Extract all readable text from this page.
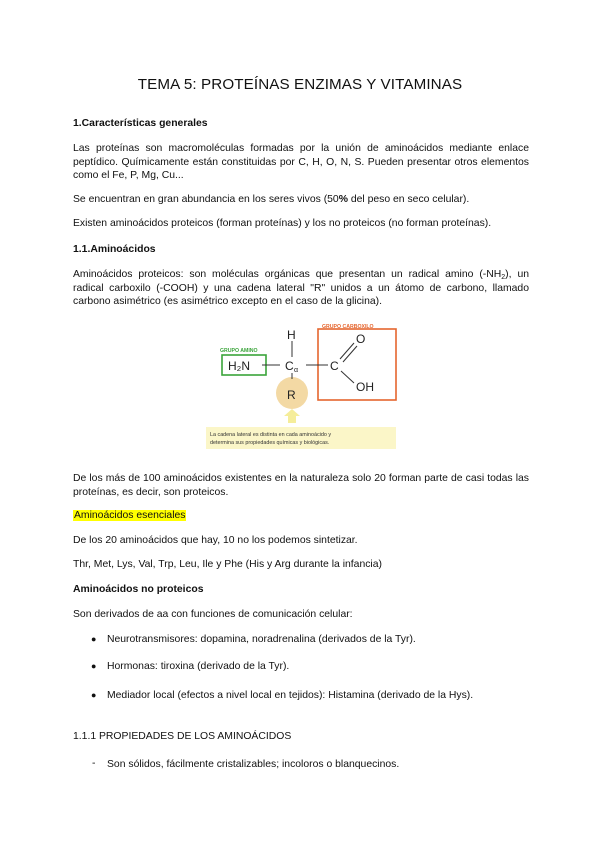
TEMA 5: PROTEÍNAS ENZIMAS Y VITAMINAS
1.Características generales
Las proteínas son macromoléculas formadas por la unión de aminoácidos mediante enlace peptídico. Químicamente están constituidas por C, H, O, N, S. Pueden presentar otros elementos como el Fe, P, Mg, Cu...
Se encuentran en gran abundancia en los seres vivos (50% del peso en seco celular).
Existen aminoácidos proteicos (forman proteínas) y los no proteicos (no forman proteínas).
1.1.Aminoácidos
Aminoácidos proteicos: son moléculas orgánicas que presentan un radical amino $(-NH_2)$, un radical carboxilo (-COOH) y una cadena lateral "R" unidos a un átomo de carbono, llamado carbono asimétrico (es asimétrico excepto en el caso de la glicina).
GRUPO CARBOXILO
GRUPO AMINO
H
H₂N	C α	C
O
OH
R
La cadena lateral es distinta en cada aminoácido y
determina sus propiedades químicas y biológicas.
De los más de 100 aminoácidos existentes en la naturaleza solo 20 forman parte de casi todas las proteínas, es decir, son proteicos.
Aminoácidos esenciales
De los 20 aminoácidos que hay, 10 no los podemos sintetizar.
Thr, Met, Lys, Val, Trp, Leu, Ile y Phe (His y Arg durante la infancia)
Aminoácidos no proteicos
Son derivados de aa con funciones de comunicación celular:
● Neurotransmisores: dopamina, noradrenalina (derivados de la Tyr).
● Hormonas: tiroxina (derivado de la Tyr).
● Mediador local (efectos a nivel local en tejidos): Histamina (derivado de la Hys).
1.1.1 PROPIEDADES DE LOS AMINOÁCIDOS
- Son sólidos, fácilmente cristalizables; incoloros o blanquecinos.
